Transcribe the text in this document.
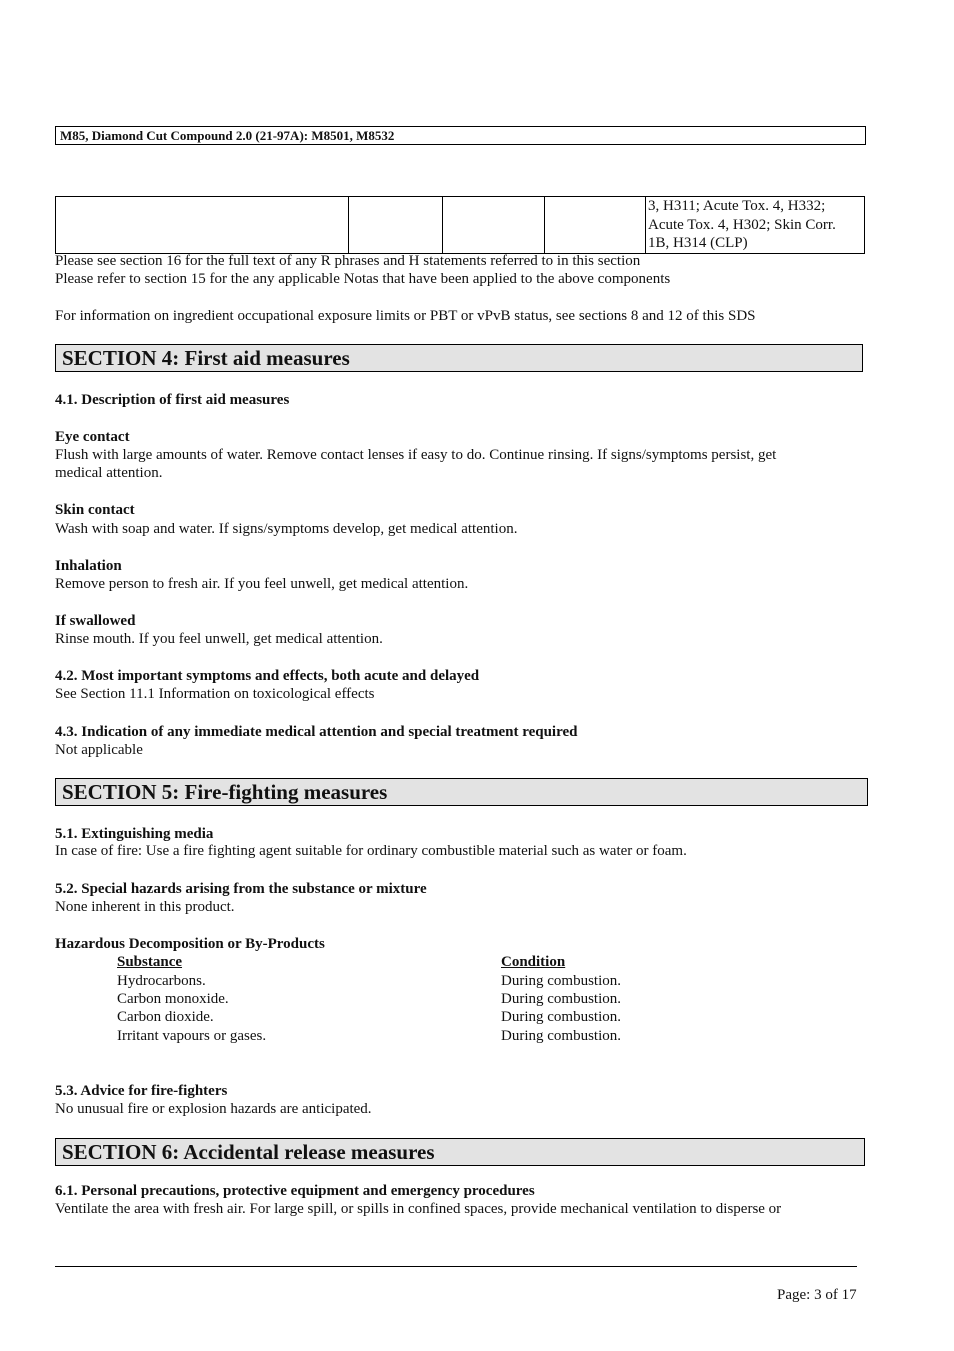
M85, Diamond Cut Compound 2.0 (21-97A): M8501, M8532

3, H311; Acute Tox. 4, H332;
Acute Tox. 4, H302; Skin Corr.
1B, H314 (CLP)
Please see section 16 for the full text of any R phrases and H statements referred to in this section
Please refer to section 15 for the any applicable Notas that have been applied to the above components
For information on ingredient occupational exposure limits or PBT or vPvB status, see sections 8 and 12 of this SDS
SECTION 4: First aid measures
4.1. Description of first aid measures
Eye contact
Flush with large amounts of water. Remove contact lenses if easy to do. Continue rinsing. If signs/symptoms persist, get
medical attention.
Skin contact
Wash with soap and water. If signs/symptoms develop, get medical attention.
Inhalation
Remove person to fresh air. If you feel unwell, get medical attention.
If swallowed
Rinse mouth. If you feel unwell, get medical attention.
4.2. Most important symptoms and effects, both acute and delayed
See Section 11.1 Information on toxicological effects
4.3. Indication of any immediate medical attention and special treatment required
Not applicable
SECTION 5: Fire-fighting measures
5.1. Extinguishing media
In case of fire: Use a fire fighting agent suitable for ordinary combustible material such as water or foam.
5.2. Special hazards arising from the substance or mixture
None inherent in this product.
Hazardous Decomposition or By-Products
Substance	Condition
Hydrocarbons.	During combustion.
Carbon monoxide.	During combustion.
Carbon dioxide.	During combustion.
Irritant vapours or gases.	During combustion.
5.3. Advice for fire-fighters
No unusual fire or explosion hazards are anticipated.
SECTION 6: Accidental release measures
6.1. Personal precautions, protective equipment and emergency procedures
Ventilate the area with fresh air. For large spill, or spills in confined spaces, provide mechanical ventilation to disperse or
Page: 3 of 17
